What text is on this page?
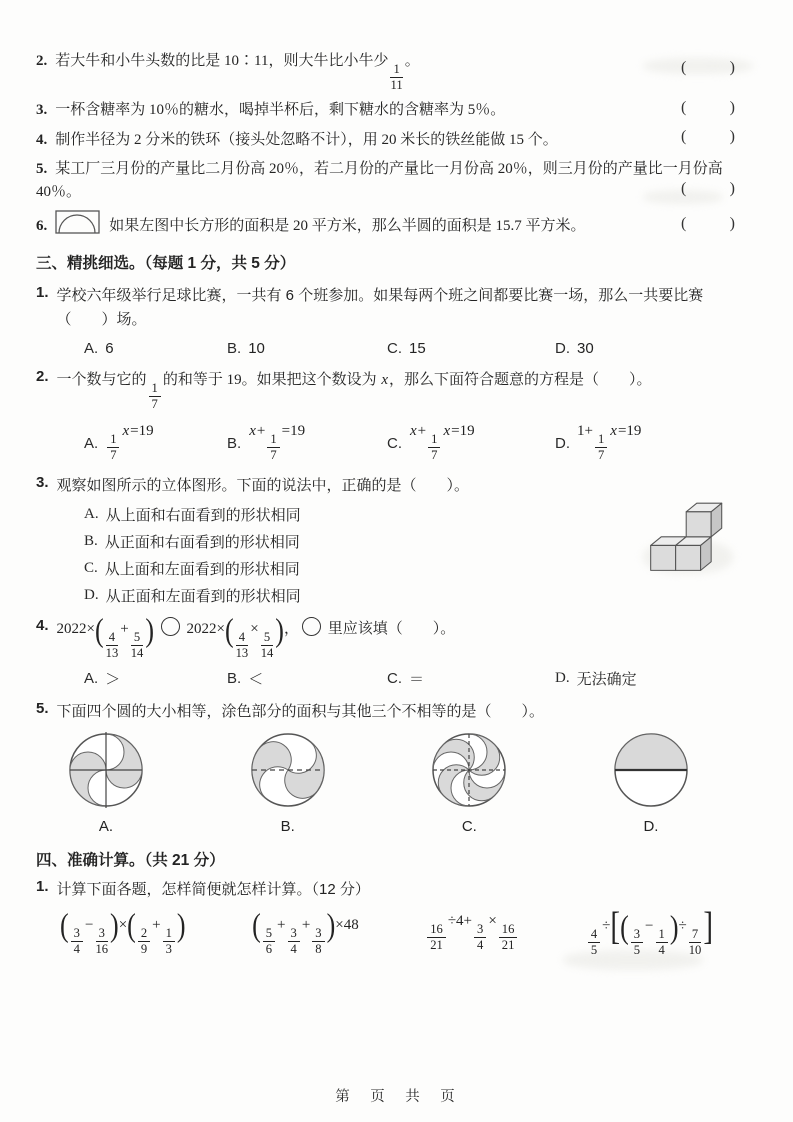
2. 若大牛和小牛头数的比是 10∶11，则大牛比小牛少
$\frac{1}{11}$
。	(	)
3. 一杯含糖率为 10％的糖水，喝掉半杯后，剩下糖水的含糖率为 5％。	(	)
4. 制作半径为 2 分米的铁环（接头处忽略不计），用 20 米长的铁丝能做 15 个。	(	)
5. 某工厂三月份的产量比二月份高 20％，若二月份的产量比一月份高 20％，则三月份的产量比一月份高 40％。	(	)
6.	如果左图中长方形的面积是 20 平方米，那么半圆的面积是 15.7 平方米。	(	)
三、精挑细选。（每题 1 分，共 5 分）
1. 学校六年级举行足球比赛，一共有 6 个班参加。如果每两个班之间都要比赛一场，那么一共要比赛（　　）场。
A. 6	B. 10	C. 15	D. 30
2. 一个数与它的
$\frac{1}{7}$
的和等于 19。如果把这个数设为 x，那么下面符合题意的方程是（　　）。
A. $\frac{1}{7}$
x=19
B.
x+
$\frac{1}{7}$
=19
C.
x+
$\frac{1}{7}$
x=19
D.
1+
$\frac{1}{7}$
x=19
3. 观察如图所示的立体图形。下面的说法中，正确的是（　　）。
A. 从上面和右面看到的形状相同
B. 从正面和右面看到的形状相同
C. 从上面和左面看到的形状相同
D. 从正面和左面看到的形状相同
4. $2022\times( \frac{4}{13}$
+
$\frac{5}{14}$ )  $2022\times( \frac{4}{13}$
×
$\frac{5}{14}$ )， 里应该填（　　）。
A. ＞	B. ＜	C. ＝	D. 无法确定
5. 下面四个圆的大小相等，涂色部分的面积与其他三个不相等的是（　　）。
A.	B.	C.	D.
四、准确计算。（共 21 分）
1. 计算下面各题，怎样简便就怎样计算。（12 分）
( $\frac{3}{4}$
−
$\frac{3}{16}$ )×( $\frac{2}{9}$
+
$\frac{1}{3}$ )	( $\frac{5}{6}$
+
$\frac{3}{4}$
+
$\frac{3}{8} )\times 48$	$\frac{16}{21}$
÷4+
$\frac{3}{4}$
×
$\frac{16}{21}$	$\frac{4}{5}$
÷[( $\frac{3}{5}$
−
$\frac{1}{4}$ )÷
$\frac{7}{10}$ ]
第　页　共　页
